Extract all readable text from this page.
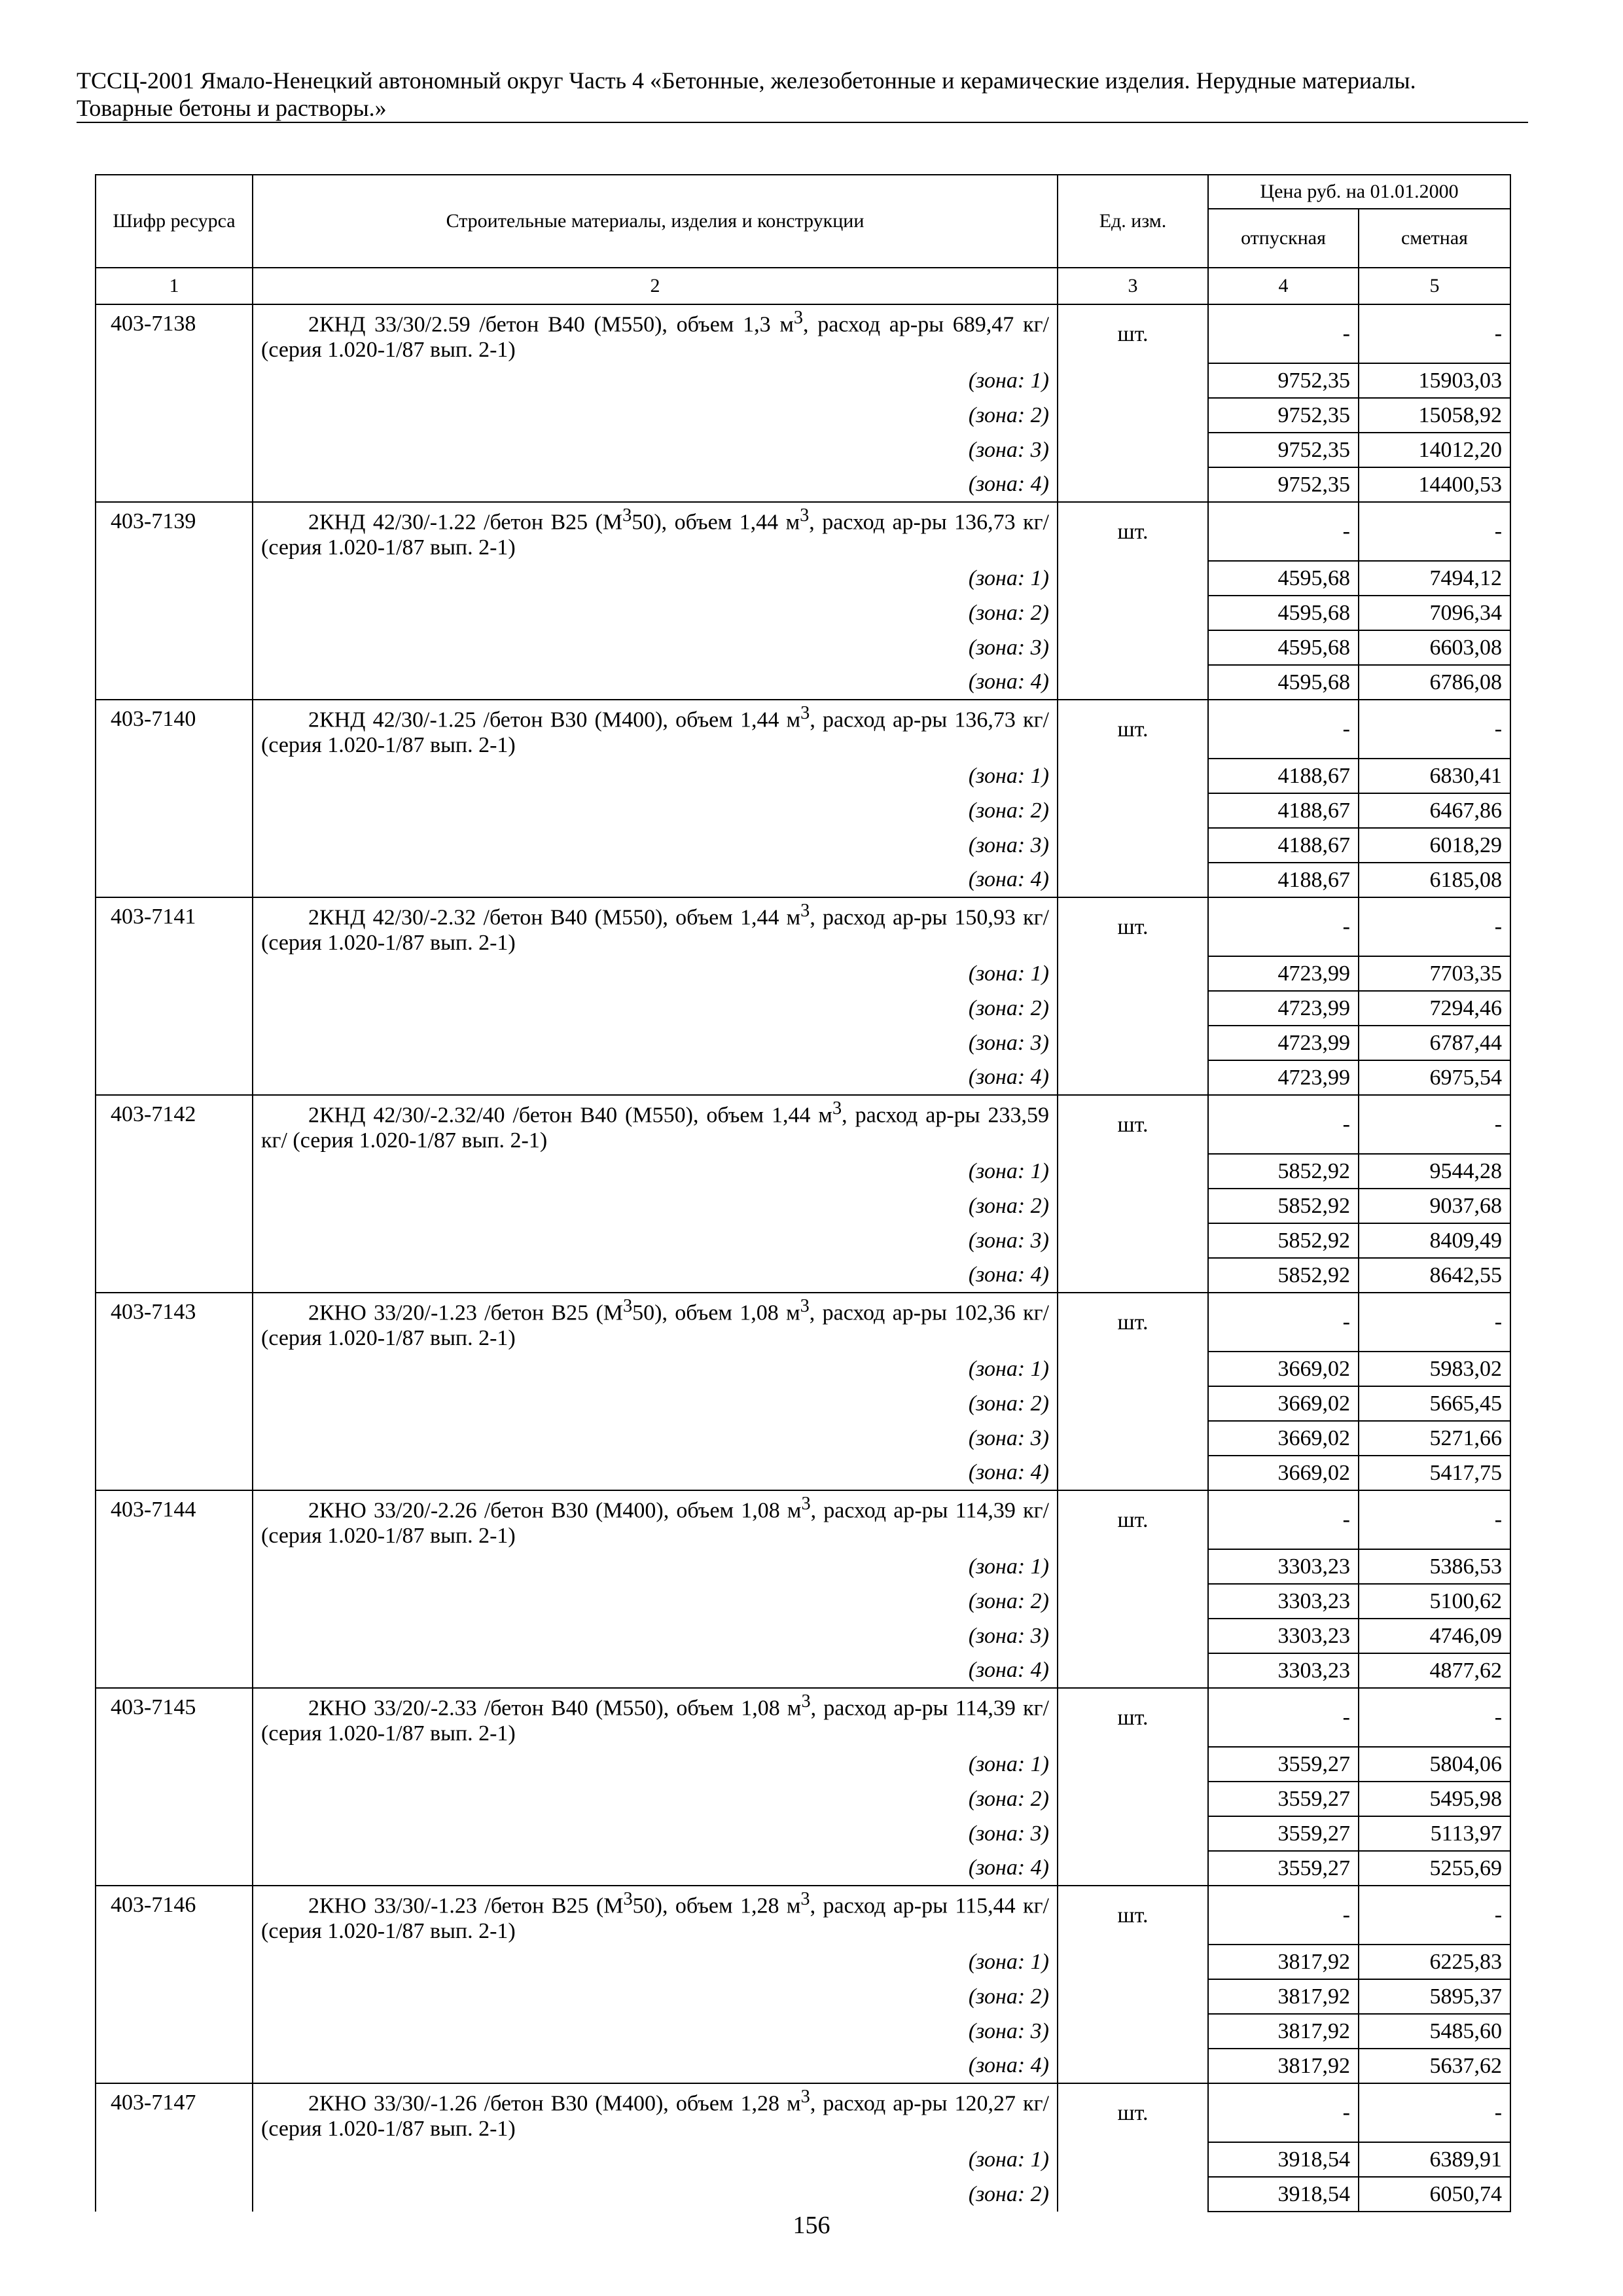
ТССЦ-2001 Ямало-Ненецкий автономный округ Часть 4 «Бетонные, железобетонные и керамические изделия. Нерудные материалы.
Товарные бетоны и растворы.»
Шифр ресурса	Строительные материалы, изделия и конструкции	Ед. изм.	Цена руб. на 01.01.2000	
			отпускная	сметная
1	2	3	4	5
403-7138	2КНД 33/30/2.59 /бетон В40 (М550), объем 1,3 $м^3$, расход ар-ры 689,47 кг/ (серия 1.020-1/87 вып. 2-1)	шт.	-	-
	(зона: 1)		9752,35	15903,03
	(зона: 2)		9752,35	15058,92
	(зона: 3)		9752,35	14012,20
	(зона: 4)		9752,35	14400,53
403-7139	2КНД 42/30/-1.22 /бетон В25 $(М^350)$, объем 1,44 $м^3$, расход ар-ры 136,73 кг/ (серия 1.020-1/87 вып. 2-1)	шт.	-	-
	(зона: 1)		4595,68	7494,12
	(зона: 2)		4595,68	7096,34
	(зона: 3)		4595,68	6603,08
	(зона: 4)		4595,68	6786,08
403-7140	2КНД 42/30/-1.25 /бетон В30 (М400), объем 1,44 $м^3$, расход ар-ры 136,73 кг/ (серия 1.020-1/87 вып. 2-1)	шт.	-	-
	(зона: 1)		4188,67	6830,41
	(зона: 2)		4188,67	6467,86
	(зона: 3)		4188,67	6018,29
	(зона: 4)		4188,67	6185,08
403-7141	2КНД 42/30/-2.32 /бетон В40 (М550), объем 1,44 $м^3$, расход ар-ры 150,93 кг/ (серия 1.020-1/87 вып. 2-1)	шт.	-	-
	(зона: 1)		4723,99	7703,35
	(зона: 2)		4723,99	7294,46
	(зона: 3)		4723,99	6787,44
	(зона: 4)		4723,99	6975,54
403-7142	2КНД 42/30/-2.32/40 /бетон В40 (М550), объем 1,44 $м^3$, расход ар-ры 233,59 кг/ (серия 1.020-1/87 вып. 2-1)	шт.	-	-
	(зона: 1)		5852,92	9544,28
	(зона: 2)		5852,92	9037,68
	(зона: 3)		5852,92	8409,49
	(зона: 4)		5852,92	8642,55
403-7143	2КНО 33/20/-1.23 /бетон В25 $(М^350)$, объем 1,08 $м^3$, расход ар-ры 102,36 кг/ (серия 1.020-1/87 вып. 2-1)	шт.	-	-
	(зона: 1)		3669,02	5983,02
	(зона: 2)		3669,02	5665,45
	(зона: 3)		3669,02	5271,66
	(зона: 4)		3669,02	5417,75
403-7144	2КНО 33/20/-2.26 /бетон В30 (М400), объем 1,08 $м^3$, расход ар-ры 114,39 кг/ (серия 1.020-1/87 вып. 2-1)	шт.	-	-
	(зона: 1)		3303,23	5386,53
	(зона: 2)		3303,23	5100,62
	(зона: 3)		3303,23	4746,09
	(зона: 4)		3303,23	4877,62
403-7145	2КНО 33/20/-2.33 /бетон В40 (М550), объем 1,08 $м^3$, расход ар-ры 114,39 кг/ (серия 1.020-1/87 вып. 2-1)	шт.	-	-
	(зона: 1)		3559,27	5804,06
	(зона: 2)		3559,27	5495,98
	(зона: 3)		3559,27	5113,97
	(зона: 4)		3559,27	5255,69
403-7146	2КНО 33/30/-1.23 /бетон В25 $(М^350)$, объем 1,28 $м^3$, расход ар-ры 115,44 кг/ (серия 1.020-1/87 вып. 2-1)	шт.	-	-
	(зона: 1)		3817,92	6225,83
	(зона: 2)		3817,92	5895,37
	(зона: 3)		3817,92	5485,60
	(зона: 4)		3817,92	5637,62
403-7147	2КНО 33/30/-1.26 /бетон В30 (М400), объем 1,28 $м^3$, расход ар-ры 120,27 кг/ (серия 1.020-1/87 вып. 2-1)	шт.	-	-
	(зона: 1)		3918,54	6389,91
	(зона: 2)		3918,54	6050,74
156
